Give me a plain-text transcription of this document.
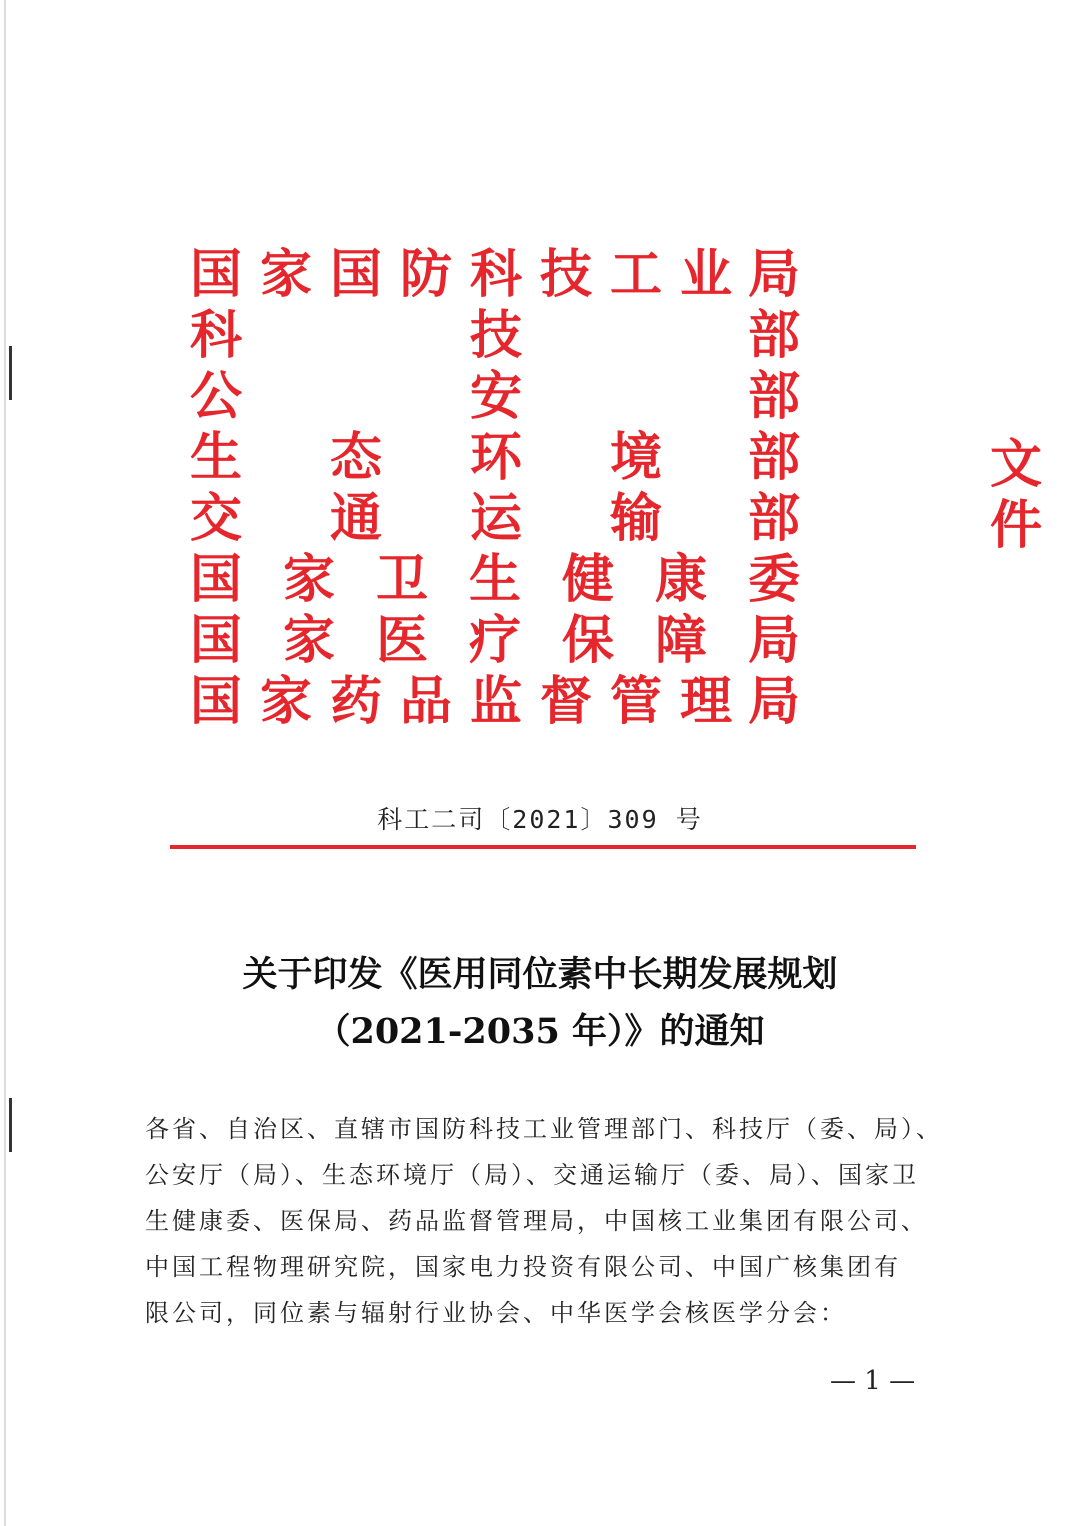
国 家 国 防 科 技 工 业 局
科	技	部
公	安	部
生 态 环 境 部
交 通 运 输 部
国 家 卫 生 健 康 委
国 家 医 疗 保 障 局
国 家 药 品 监 督 管 理 局
文件
科工二司〔2021〕309 号
关于印发《医用同位素中长期发展规划
（2021-2035 年）》的通知
各省、自治区、直辖市国防科技工业管理部门、科技厅（委、局）、
公安厅（局）、生态环境厅（局）、交通运输厅（委、局）、国家卫
生健康委、医保局、药品监督管理局，中国核工业集团有限公司、
中国工程物理研究院，国家电力投资有限公司、中国广核集团有
限公司，同位素与辐射行业协会、中华医学会核医学分会：
— 1 —
